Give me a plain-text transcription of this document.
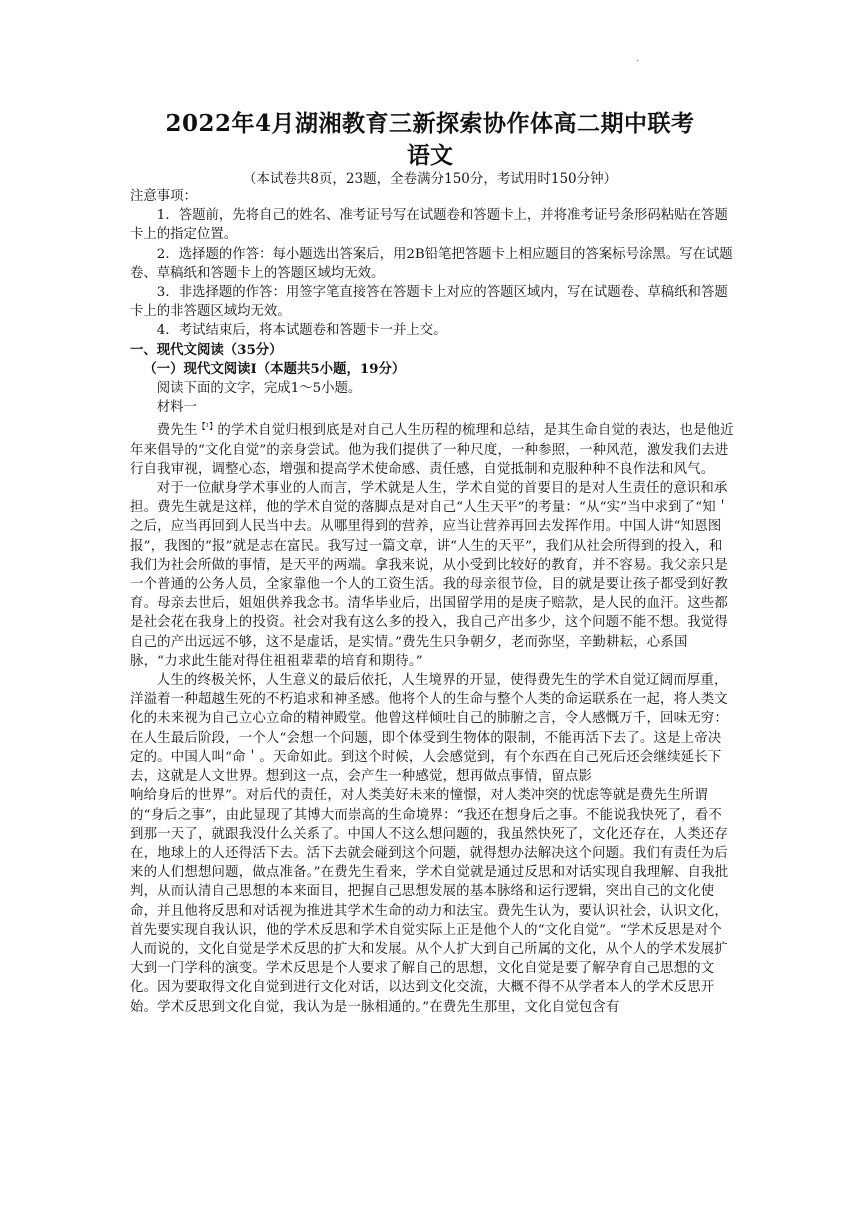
·
2022年4月湖湘教育三新探索协作体高二期中联考
语文
（本试卷共8页，23题，全卷满分150分，考试用时150分钟）

注意事项：

1．答题前，先将自己的姓名、准考证号写在试题卷和答题卡上，并将准考证号条形码粘贴在答题卡上的指定位置。

2．选择题的作答：每小题选出答案后，用2B铅笔把答题卡上相应题目的答案标号涂黑。写在试题卷、草稿纸和答题卡上的答题区域均无效。

3．非选择题的作答：用签字笔直接答在答题卡上对应的答题区域内，写在试题卷、草稿纸和答题卡上的非答题区域均无效。

4．考试结束后，将本试题卷和答题卡一并上交。

一、现代文阅读（35分）

（一）现代文阅读Ⅰ（本题共5小题，19分）

阅读下面的文字，完成1～5小题。

材料一

费先生$^{【^1】}$的学术自觉归根到底是对自己人生历程的梳理和总结，是其生命自觉的表达，也是他近年来倡导的“文化自觉”的亲身尝试。他为我们提供了一种尺度，一种参照，一种风范，激发我们去进行自我审视，调整心态，增强和提高学术使命感、责任感，自觉抵制和克服种种不良作法和风气。

对于一位献身学术事业的人而言，学术就是人生，学术自觉的首要目的是对人生责任的意识和承担。费先生就是这样，他的学术自觉的落脚点是对自己“人生天平”的考量：“从“实”当中求到了“知＇之后，应当再回到人民当中去。从哪里得到的营养，应当让营养再回去发挥作用。中国人讲“知恩图报”，我图的“报”就是志在富民。我写过一篇文章，讲“人生的天平”，我们从社会所得到的投入，和我们为社会所做的事情，是天平的两端。拿我来说，从小受到比较好的教育，并不容易。我父亲只是一个普通的公务人员，全家靠他一个人的工资生活。我的母亲很节俭，目的就是要让孩子都受到好教育。母亲去世后，姐姐供养我念书。清华毕业后，出国留学用的是庚子赔款，是人民的血汗。这些都是社会花在我身上的投资。社会对我有这么多的投入，我自己产出多少，这个问题不能不想。我觉得自己的产出远远不够，这不是虚话，是实情。”费先生只争朝夕，老而弥坚，辛勤耕耘，心系国脉，“力求此生能对得住祖祖辈辈的培育和期待。”

人生的终极关怀，人生意义的最后依托，人生境界的开显，使得费先生的学术自觉辽阔而厚重，洋溢着一种超越生死的不朽追求和神圣感。他将个人的生命与整个人类的命运联系在一起，将人类文化的未来视为自己立心立命的精神殿堂。他曾这样倾吐自己的肺腑之言，令人感慨万千，回味无穷：在人生最后阶段，一个人“会想一个问题，即个体受到生物体的限制，不能再活下去了。这是上帝决定的。中国人叫“命＇。天命如此。到这个时候，人会感觉到，有个东西在自己死后还会继续延长下去，这就是人文世界。想到这一点，会产生一种感觉，想再做点事情，留点影

响给身后的世界”。对后代的责任，对人类美好未来的憧憬，对人类冲突的忧虑等就是费先生所谓的“身后之事”，由此显现了其博大而崇高的生命境界：“我还在想身后之事。不能说我快死了，看不到那一天了，就跟我没什么关系了。中国人不这么想问题的，我虽然快死了，文化还存在，人类还存在，地球上的人还得活下去。活下去就会碰到这个问题，就得想办法解决这个问题。我们有责任为后来的人们想想问题，做点准备。”在费先生看来，学术自觉就是通过反思和对话实现自我理解、自我批判，从而认清自己思想的本来面目，把握自己思想发展的基本脉络和运行逻辑，突出自己的文化使命，并且他将反思和对话视为推进其学术生命的动力和法宝。费先生认为，要认识社会，认识文化，首先要实现自我认识，他的学术反思和学术自觉实际上正是他个人的“文化自觉”。“学术反思是对个人而说的，文化自觉是学术反思的扩大和发展。从个人扩大到自己所属的文化，从个人的学术发展扩大到一门学科的演变。学术反思是个人要求了解自己的思想，文化自觉是要了解孕育自己思想的文化。因为要取得文化自觉到进行文化对话，以达到文化交流，大概不得不从学者本人的学术反思开始。学术反思到文化自觉，我认为是一脉相通的。”在费先生那里，文化自觉包含有
